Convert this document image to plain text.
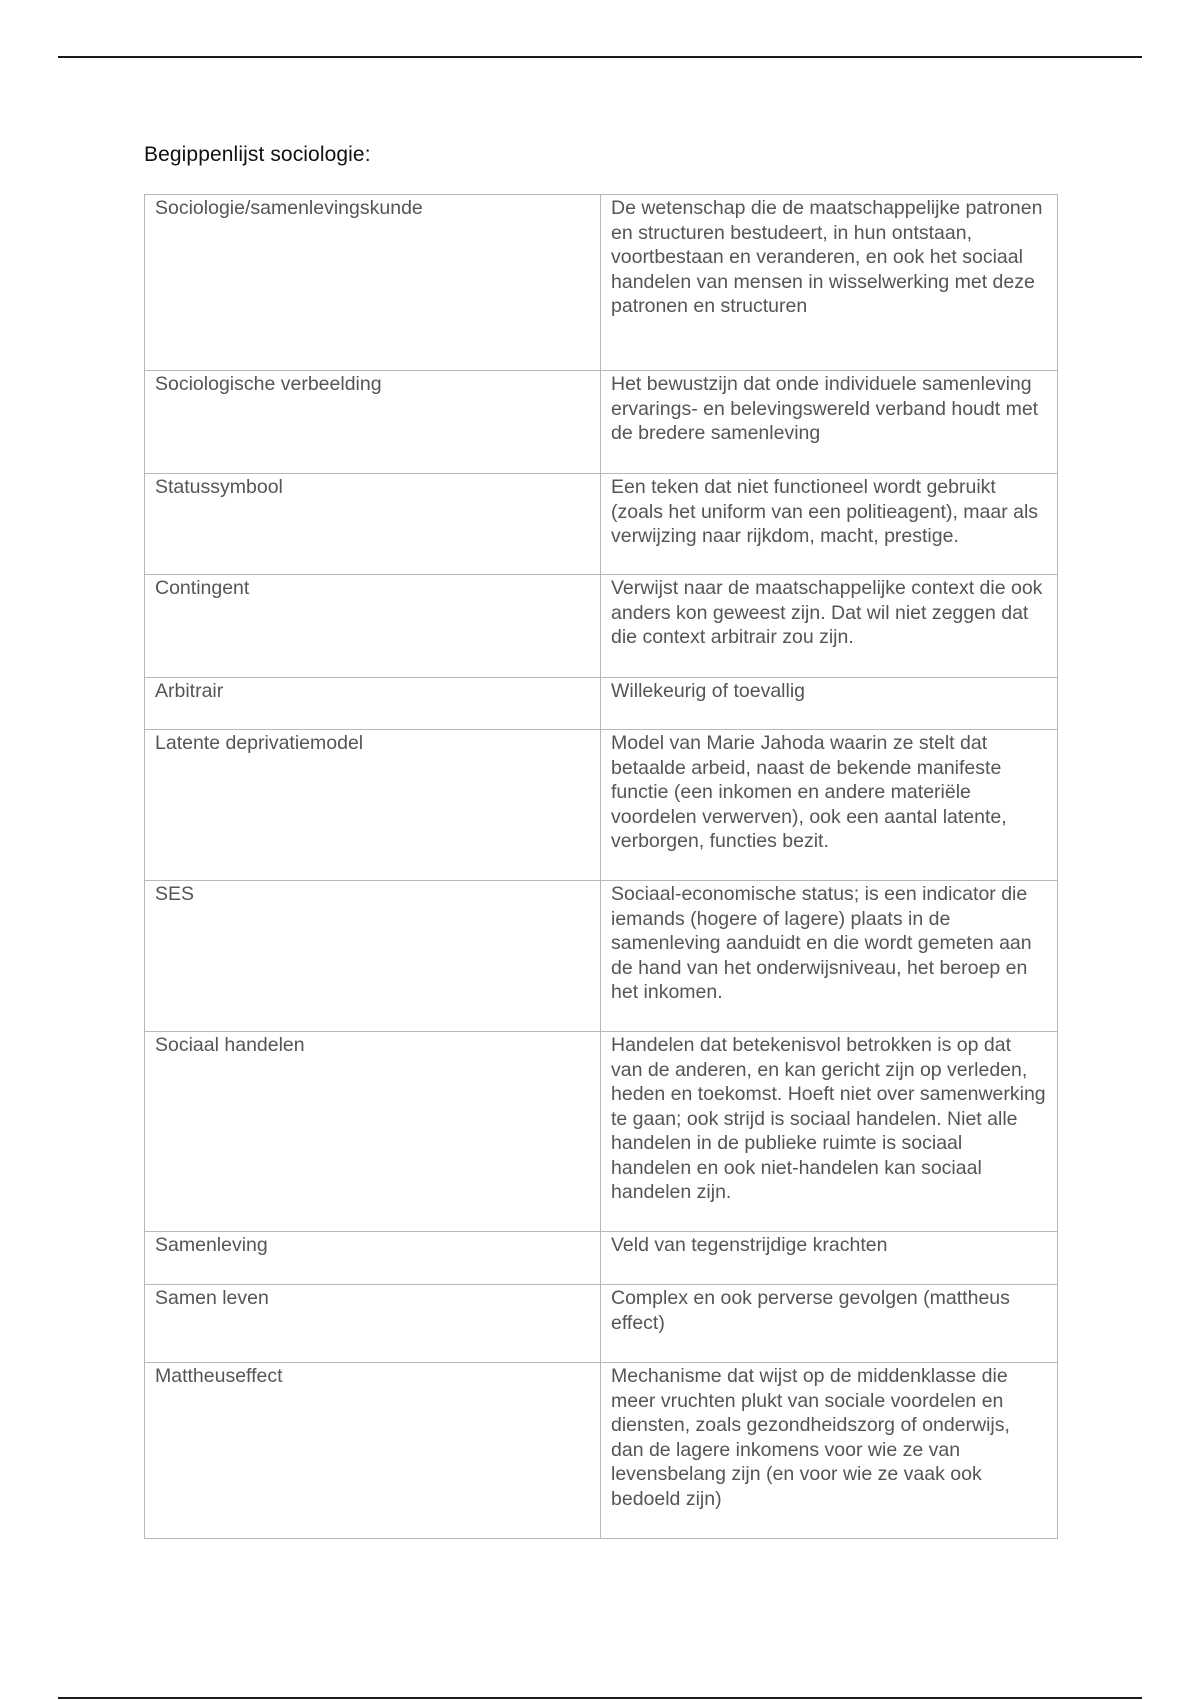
Begippenlijst sociologie:
Sociologie/samenlevingskunde	De wetenschap die de maatschappelijke patronen en structuren bestudeert, in hun ontstaan, voortbestaan en veranderen, en ook het sociaal handelen van mensen in wisselwerking met deze patronen en structuren
Sociologische verbeelding	Het bewustzijn dat onde individuele samenleving ervarings- en belevingswereld verband houdt met de bredere samenleving
Statussymbool	Een teken dat niet functioneel wordt gebruikt (zoals het uniform van een politieagent), maar als verwijzing naar rijkdom, macht, prestige.
Contingent	Verwijst naar de maatschappelijke context die ook anders kon geweest zijn. Dat wil niet zeggen dat die context arbitrair zou zijn.
Arbitrair	Willekeurig of toevallig
Latente deprivatiemodel	Model van Marie Jahoda waarin ze stelt dat betaalde arbeid, naast de bekende manifeste functie (een inkomen en andere materiële voordelen verwerven), ook een aantal latente, verborgen, functies bezit.
SES	Sociaal-economische status; is een indicator die iemands (hogere of lagere) plaats in de samenleving aanduidt en die wordt gemeten aan de hand van het onderwijsniveau, het beroep en het inkomen.
Sociaal handelen	Handelen dat betekenisvol betrokken is op dat van de anderen, en kan gericht zijn op verleden, heden en toekomst. Hoeft niet over samenwerking te gaan; ook strijd is sociaal handelen. Niet alle handelen in de publieke ruimte is sociaal handelen en ook niet-handelen kan sociaal handelen zijn.
Samenleving	Veld van tegenstrijdige krachten
Samen leven	Complex en ook perverse gevolgen (mattheus effect)
Mattheuseffect	Mechanisme dat wijst op de middenklasse die meer vruchten plukt van sociale voordelen en diensten, zoals gezondheidszorg of onderwijs, dan de lagere inkomens voor wie ze van levensbelang zijn (en voor wie ze vaak ook bedoeld zijn)
